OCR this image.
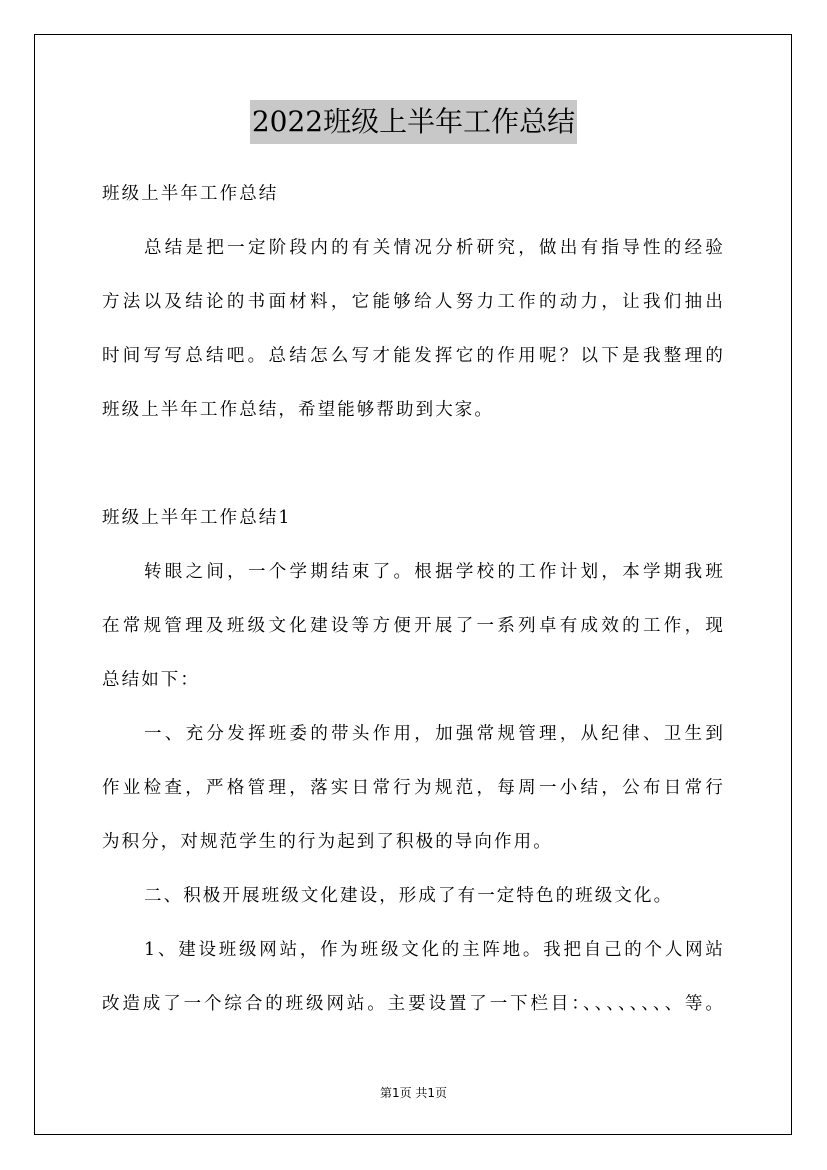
2022班级上半年工作总结
班级上半年工作总结
总结是把一定阶段内的有关情况分析研究，做出有指导性的经验
方法以及结论的书面材料，它能够给人努力工作的动力，让我们抽出
时间写写总结吧。总结怎么写才能发挥它的作用呢？以下是我整理的
班级上半年工作总结，希望能够帮助到大家。
班级上半年工作总结1
转眼之间，一个学期结束了。根据学校的工作计划，本学期我班
在常规管理及班级文化建设等方便开展了一系列卓有成效的工作，现
总结如下：
一、充分发挥班委的带头作用，加强常规管理，从纪律、卫生到
作业检查，严格管理，落实日常行为规范，每周一小结，公布日常行
为积分，对规范学生的行为起到了积极的导向作用。
二、积极开展班级文化建设，形成了有一定特色的班级文化。
1、建设班级网站，作为班级文化的主阵地。我把自己的个人网站
改造成了一个综合的班级网站。主要设置了一下栏目：、、、、、、、、等。
第1页 共1页
